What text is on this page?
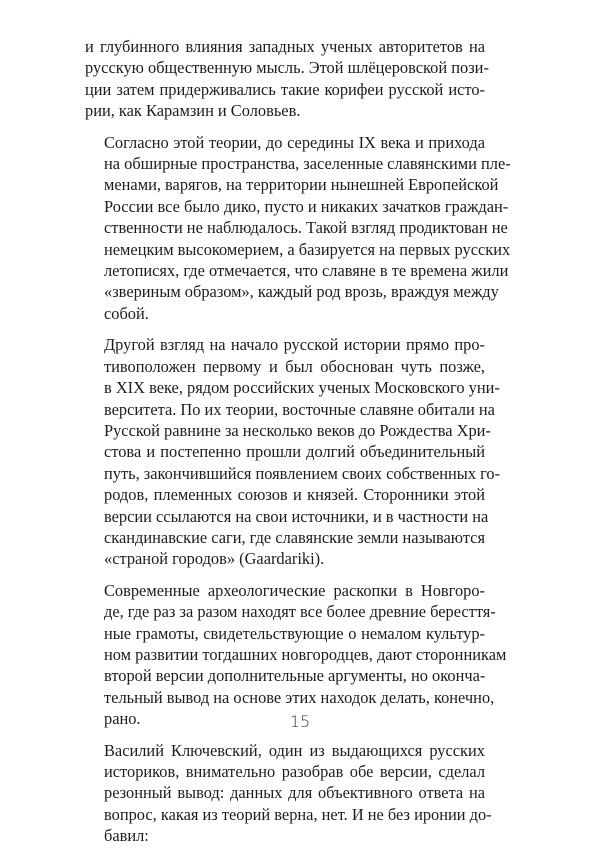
и глубинного влияния западных ученых авторитетов на
русскую общественную мысль. Этой шлёцеровской пози-
ции затем придерживались такие корифеи русской исто-
рии, как Карамзин и Соловьев.

Согласно этой теории, до середины IX века и прихода
на обширные пространства, заселенные славянскими пле-
менами, варягов, на территории нынешней Европейской
России все было дико, пусто и никаких зачатков граждан-
ственности не наблюдалось. Такой взгляд продиктован не
немецким высокомерием, а базируется на первых русских
летописях, где отмечается, что славяне в те времена жили
«звериным образом», каждый род врозь, враждуя между
собой.

Другой взгляд на начало русской истории прямо про-
тивоположен первому и был обоснован чуть позже,
в XIX веке, рядом российских ученых Московского уни-
верситета. По их теории, восточные славяне обитали на
Русской равнине за несколько веков до Рождества Хри-
стова и постепенно прошли долгий объединительный
путь, закончившийся появлением своих собственных го-
родов, племенных союзов и князей. Сторонники этой
версии ссылаются на свои источники, и в частности на
скандинавские саги, где славянские земли называются
«страной городов» (Gaardariki).

Современные археологические раскопки в Новгоро-
де, где раз за разом находят все более древние бересття-
ные грамоты, свидетельствующие о немалом культур-
ном развитии тогдашних новгородцев, дают сторонникам
второй версии дополнительные аргументы, но оконча-
тельный вывод на основе этих находок делать, конечно,
рано.

Василий Ключевский, один из выдающихся русских
историков, внимательно разобрав обе версии, сделал
резонный вывод: данных для объективного ответа на
вопрос, какая из теорий верна, нет. И не без иронии до-
бавил:

15
